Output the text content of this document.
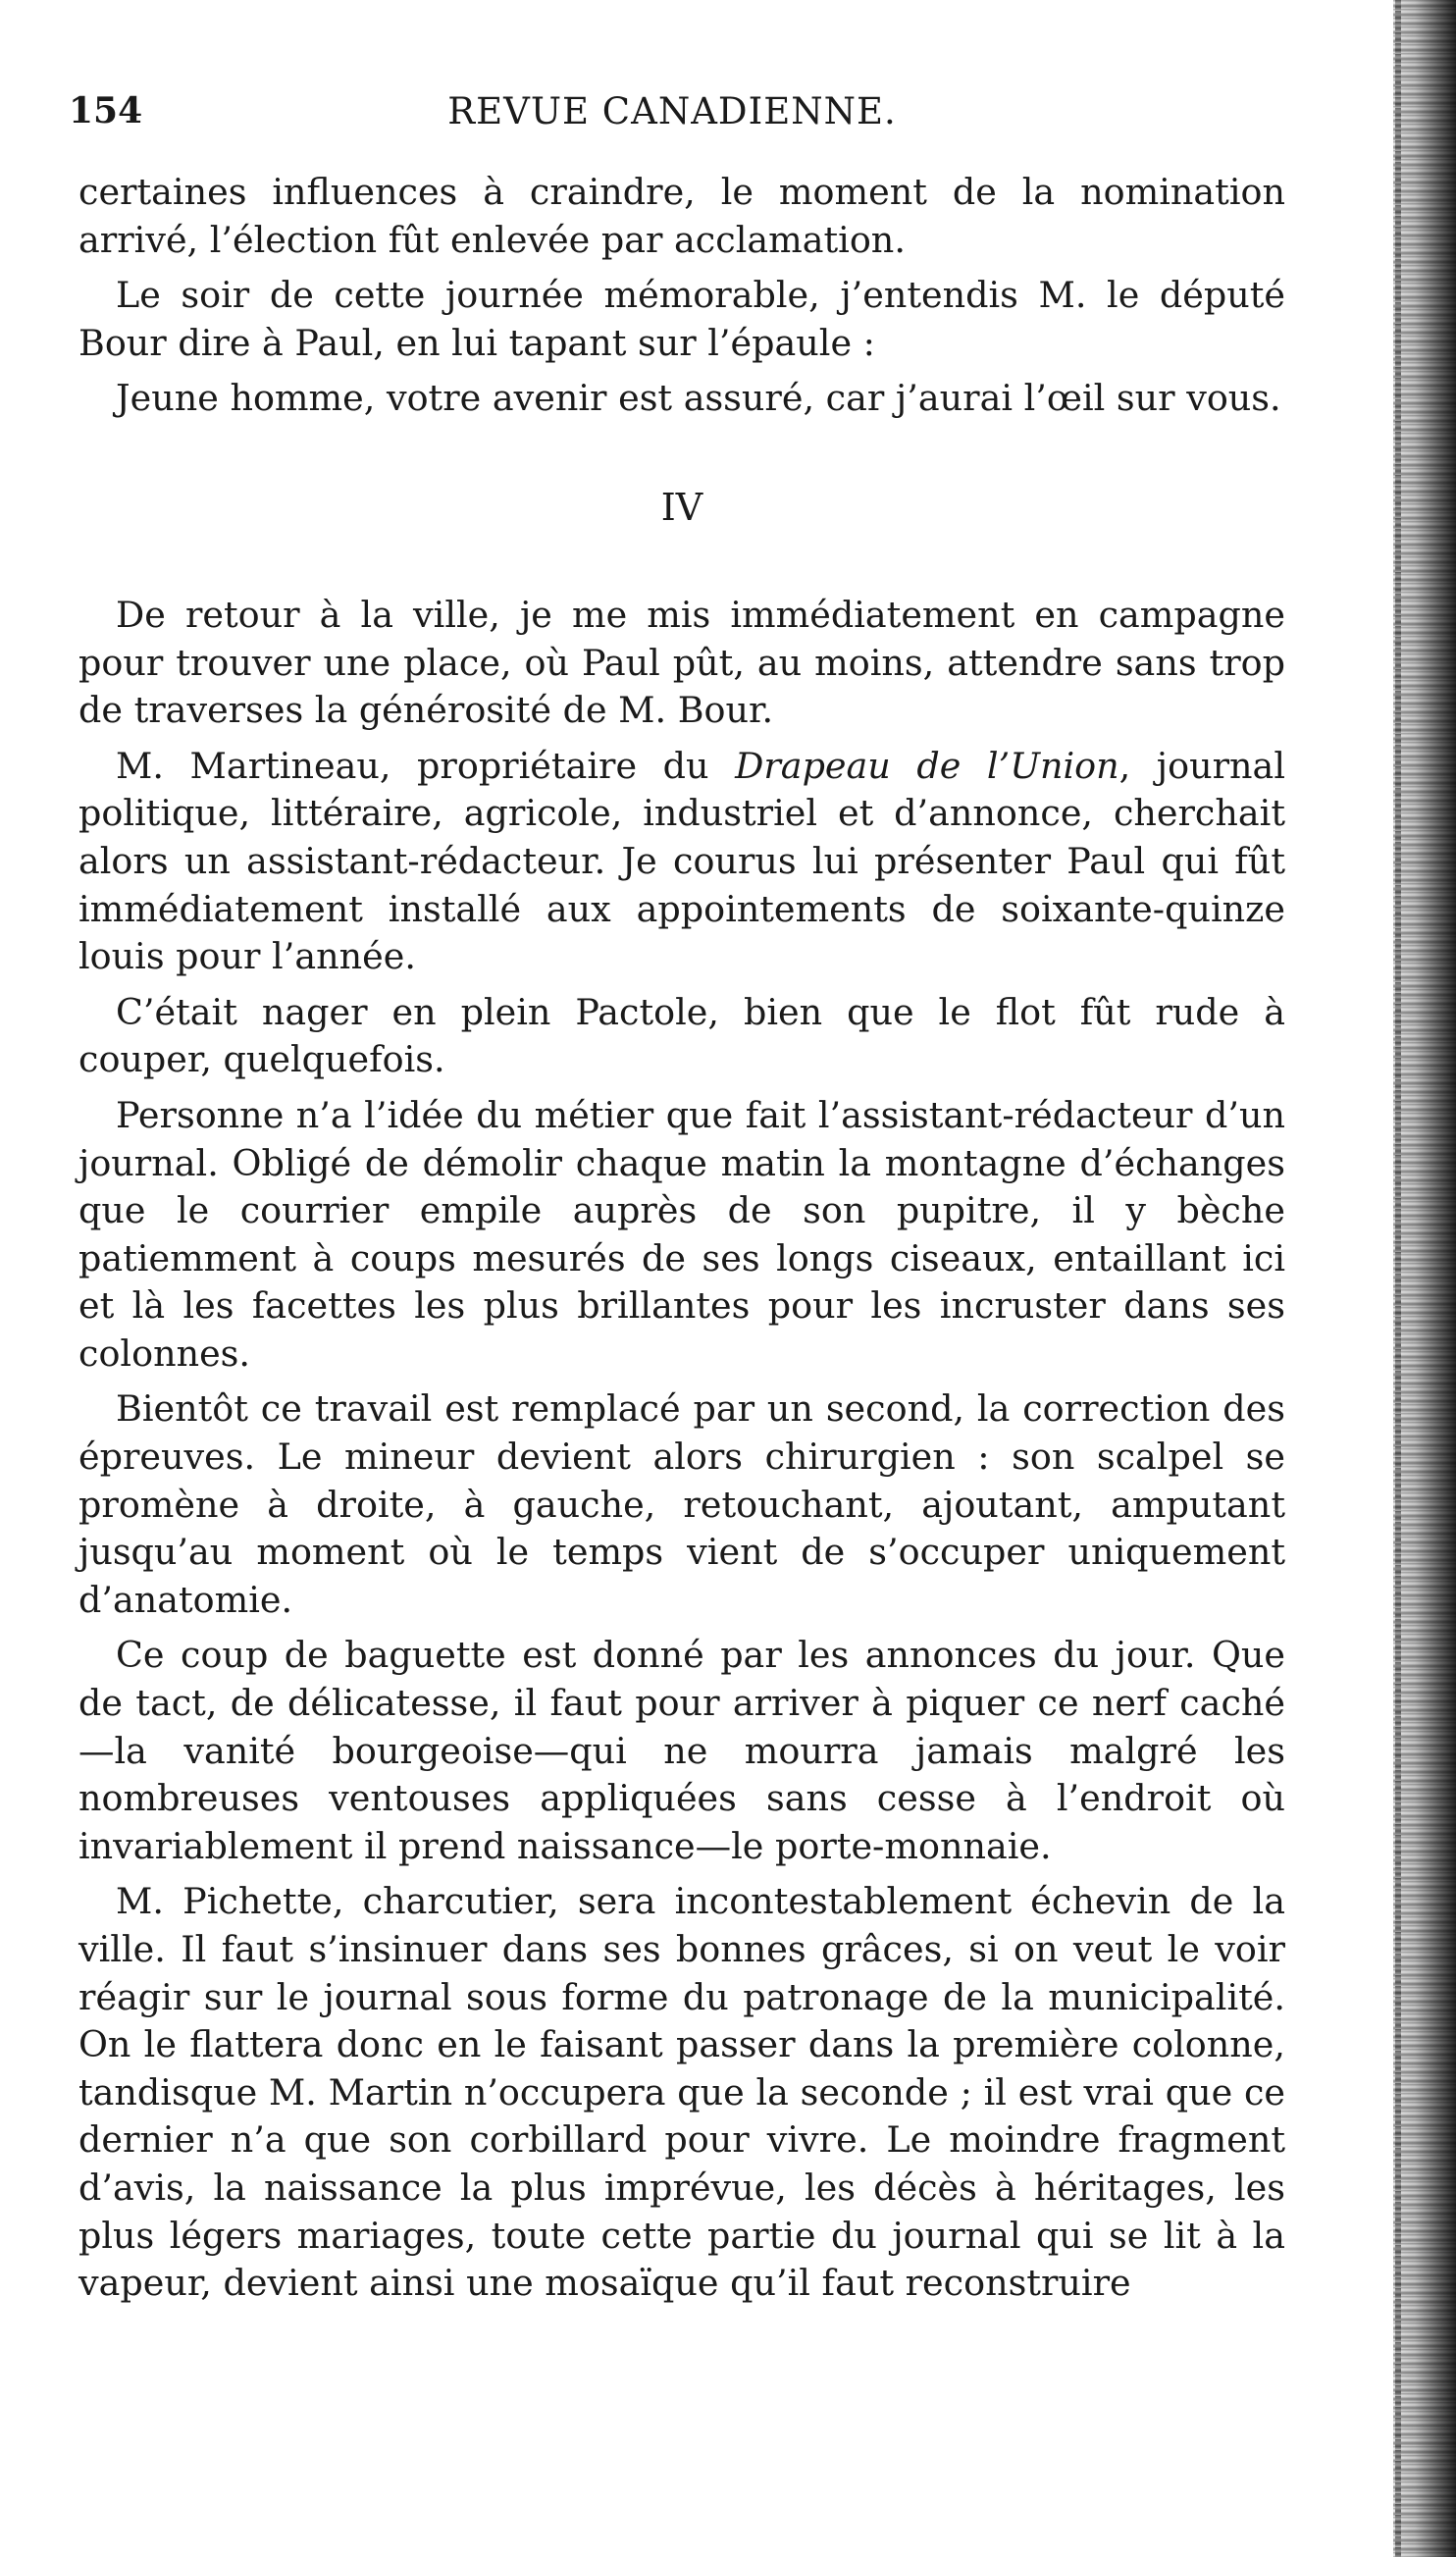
154	REVUE CANADIENNE.

certaines influences à craindre, le moment de la nomination arrivé, l’élection fût enlevée par acclamation.

Le soir de cette journée mémorable, j’entendis M. le député Bour dire à Paul, en lui tapant sur l’épaule :

Jeune homme, votre avenir est assuré, car j’aurai l’œil sur vous.

IV

De retour à la ville, je me mis immédiatement en campagne pour trouver une place, où Paul pût, au moins, attendre sans trop de traverses la générosité de M. Bour.

M. Martineau, propriétaire du Drapeau de l’Union, journal politique, littéraire, agricole, industriel et d’annonce, cherchait alors un assistant-rédacteur. Je courus lui présenter Paul qui fût immédiatement installé aux appointements de soixante-quinze louis pour l’année.

C’était nager en plein Pactole, bien que le flot fût rude à couper, quelquefois.

Personne n’a l’idée du métier que fait l’assistant-rédacteur d’un journal. Obligé de démolir chaque matin la montagne d’échanges que le courrier empile auprès de son pupitre, il y bèche patiemment à coups mesurés de ses longs ciseaux, entaillant ici et là les facettes les plus brillantes pour les incruster dans ses colonnes.

Bientôt ce travail est remplacé par un second, la correction des épreuves. Le mineur devient alors chirurgien : son scalpel se promène à droite, à gauche, retouchant, ajoutant, amputant jusqu’au moment où le temps vient de s’occuper uniquement d’anatomie.

Ce coup de baguette est donné par les annonces du jour. Que de tact, de délicatesse, il faut pour arriver à piquer ce nerf caché—la vanité bourgeoise—qui ne mourra jamais malgré les nombreuses ventouses appliquées sans cesse à l’endroit où invariablement il prend naissance—le porte-monnaie.

M. Pichette, charcutier, sera incontestablement échevin de la ville. Il faut s’insinuer dans ses bonnes grâces, si on veut le voir réagir sur le journal sous forme du patronage de la municipalité. On le flattera donc en le faisant passer dans la première colonne, tandisque M. Martin n’occupera que la seconde ; il est vrai que ce dernier n’a que son corbillard pour vivre. Le moindre fragment d’avis, la naissance la plus imprévue, les décès à héritages, les plus légers mariages, toute cette partie du journal qui se lit à la vapeur, devient ainsi une mosaïque qu’il faut reconstruire
